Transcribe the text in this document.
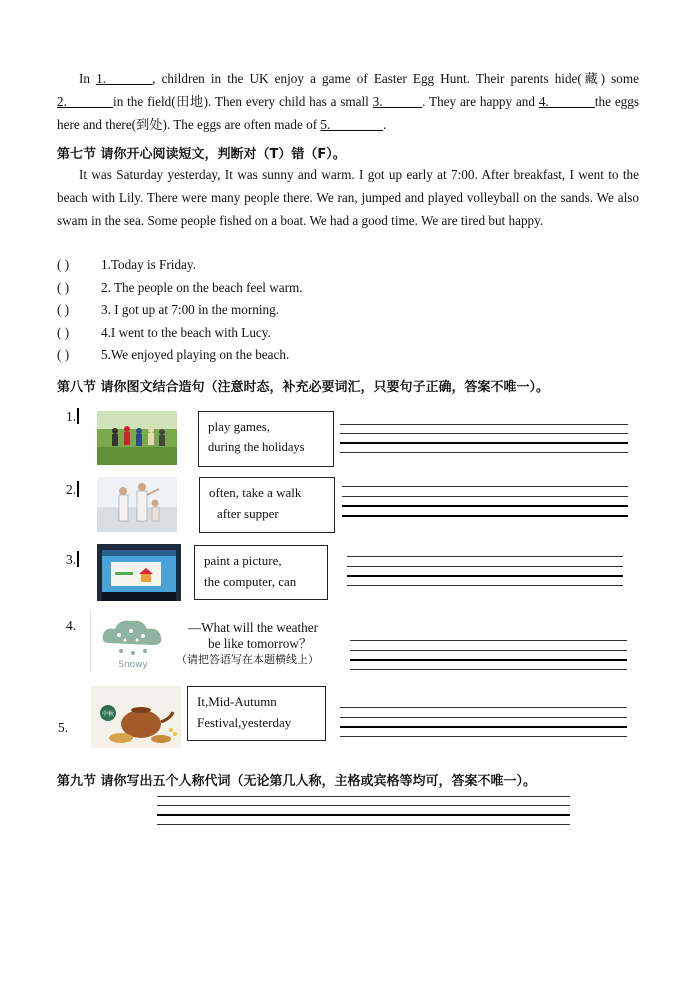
In 1._______, children in the UK enjoy a game of Easter Egg Hunt. Their parents hide(藏) some 2._______in the field(田地). Then every child has a small 3.______. They are happy and 4._______the eggs here and there(到处). The eggs are often made of 5.________.
第七节 请你开心阅读短文，判断对（T）错（F）。
It was Saturday yesterday, It was sunny and warm. I got up early at 7:00. After breakfast, I went to the beach with Lily. There were many people there. We ran, jumped and played volleyball on the sands. We also swam in the sea. Some people fished on a boat. We had a good time. We are tired but happy.
( ) 1.Today is Friday.
( ) 2. The people on the beach feel warm.
( ) 3. I got up at 7:00 in the morning.
( ) 4.I went to the beach with Lucy.
( ) 5.We enjoyed playing on the beach.
第八节 请你图文结合造句（注意时态，补充必要词汇，只要句子正确，答案不唯一）。
1.
play games,
during the holidays
2.	often, take a walk
after supper
3.	paint a picture,
the computer, can
4.
Snowy
—What will the weather
be like tomorrow？
（请把答语写在本题横线上）
5.
中秋
It,Mid-Autumn
Festival,yesterday
第九节 请你写出五个人称代词（无论第几人称，主格或宾格等均可，答案不唯一）。
